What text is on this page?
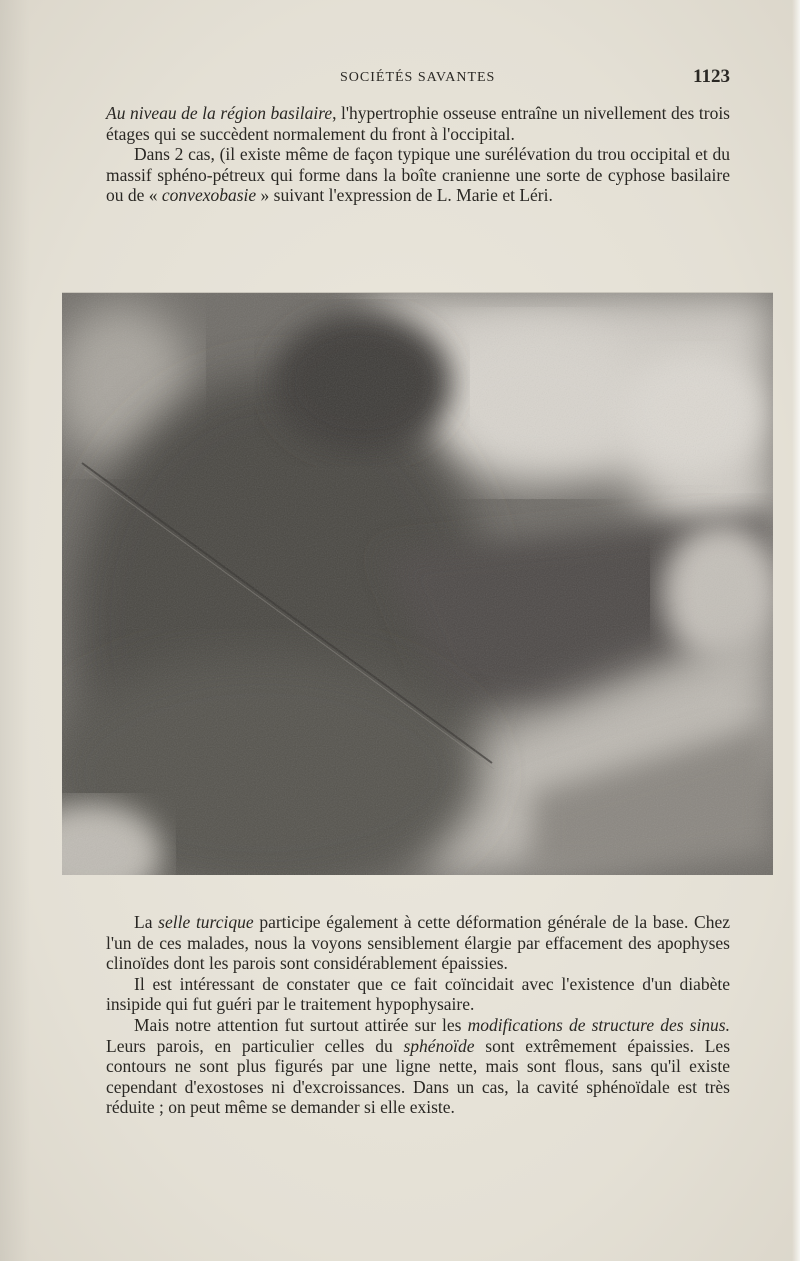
SOCIÉTÉS SAVANTES	1123

Au niveau de la région basilaire, l'hypertrophie osseuse entraîne un nivellement des trois étages qui se succèdent normalement du front à l'occipital.

Dans 2 cas, (il existe même de façon typique une surélévation du trou occipital et du massif sphéno-pétreux qui forme dans la boîte cranienne une sorte de cyphose basilaire ou de « convexobasie » suivant l'expression de L. Marie et Léri.

La selle turcique participe également à cette déformation générale de la base. Chez l'un de ces malades, nous la voyons sensiblement élargie par effacement des apophyses clinoïdes dont les parois sont considérablement épaissies.

Il est intéressant de constater que ce fait coïncidait avec l'existence d'un diabète insipide qui fut guéri par le traitement hypophysaire.

Mais notre attention fut surtout attirée sur les modifications de structure des sinus. Leurs parois, en particulier celles du sphénoïde sont extrêmement épaissies. Les contours ne sont plus figurés par une ligne nette, mais sont flous, sans qu'il existe cependant d'exostoses ni d'excroissances. Dans un cas, la cavité sphénoïdale est très réduite ; on peut même se demander si elle existe.
